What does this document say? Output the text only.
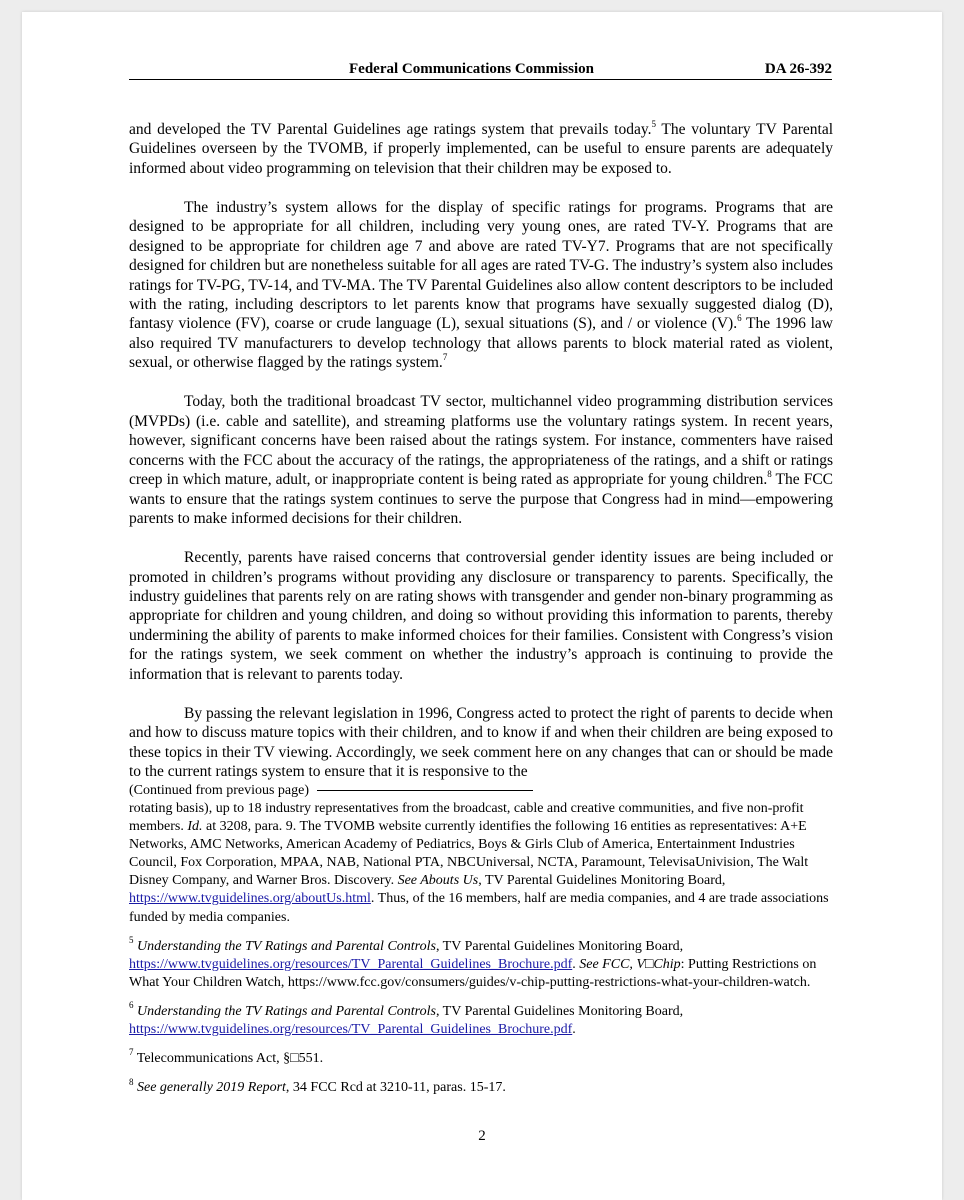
Federal Communications Commission	DA 26-392

and developed the TV Parental Guidelines age ratings system that prevails today.$^5$ The voluntary TV Parental Guidelines overseen by the TVOMB, if properly implemented, can be useful to ensure parents are adequately informed about video programming on television that their children may be exposed to.

The industry’s system allows for the display of specific ratings for programs. Programs that are designed to be appropriate for all children, including very young ones, are rated TV-Y. Programs that are designed to be appropriate for children age 7 and above are rated TV-Y7. Programs that are not specifically designed for children but are nonetheless suitable for all ages are rated TV-G. The industry’s system also includes ratings for TV-PG, TV-14, and TV-MA. The TV Parental Guidelines also allow content descriptors to be included with the rating, including descriptors to let parents know that programs have sexually suggested dialog (D), fantasy violence (FV), coarse or crude language (L), sexual situations (S), and / or violence (V).$^6$ The 1996 law also required TV manufacturers to develop technology that allows parents to block material rated as violent, sexual, or otherwise flagged by the ratings system.$^7$

Today, both the traditional broadcast TV sector, multichannel video programming distribution services (MVPDs) (i.e. cable and satellite), and streaming platforms use the voluntary ratings system. In recent years, however, significant concerns have been raised about the ratings system. For instance, commenters have raised concerns with the FCC about the accuracy of the ratings, the appropriateness of the ratings, and a shift or ratings creep in which mature, adult, or inappropriate content is being rated as appropriate for young children.$^8$ The FCC wants to ensure that the ratings system continues to serve the purpose that Congress had in mind—empowering parents to make informed decisions for their children.

Recently, parents have raised concerns that controversial gender identity issues are being included or promoted in children’s programs without providing any disclosure or transparency to parents. Specifically, the industry guidelines that parents rely on are rating shows with transgender and gender non-binary programming as appropriate for children and young children, and doing so without providing this information to parents, thereby undermining the ability of parents to make informed choices for their families. Consistent with Congress’s vision for the ratings system, we seek comment on whether the industry’s approach is continuing to provide the information that is relevant to parents today.

By passing the relevant legislation in 1996, Congress acted to protect the right of parents to decide when and how to discuss mature topics with their children, and to know if and when their children are being exposed to these topics in their TV viewing. Accordingly, we seek comment here on any changes that can or should be made to the current ratings system to ensure that it is responsive to the

(Continued from previous page)
rotating basis), up to 18 industry representatives from the broadcast, cable and creative communities, and five non-profit members. Id. at 3208, para. 9. The TVOMB website currently identifies the following 16 entities as representatives: A+E Networks, AMC Networks, American Academy of Pediatrics, Boys & Girls Club of America, Entertainment Industries Council, Fox Corporation, MPAA, NAB, National PTA, NBCUniversal, NCTA, Paramount, TelevisaUnivision, The Walt Disney Company, and Warner Bros. Discovery. See Abouts Us, TV Parental Guidelines Monitoring Board, https://www.tvguidelines.org/aboutUs.html. Thus, of the 16 members, half are media companies, and 4 are trade associations funded by media companies.
$^5$ Understanding the TV Ratings and Parental Controls, TV Parental Guidelines Monitoring Board, https://www.tvguidelines.org/resources/TV_Parental_Guidelines_Brochure.pdf. See FCC, V□Chip: Putting Restrictions on What Your Children Watch, https://www.fcc.gov/consumers/guides/v-chip-putting-restrictions-what-your-children-watch.
$^6$ Understanding the TV Ratings and Parental Controls, TV Parental Guidelines Monitoring Board, https://www.tvguidelines.org/resources/TV_Parental_Guidelines_Brochure.pdf.
$^7$ Telecommunications Act, §□551.
$^8$ See generally 2019 Report, 34 FCC Rcd at 3210-11, paras. 15-17.
2
